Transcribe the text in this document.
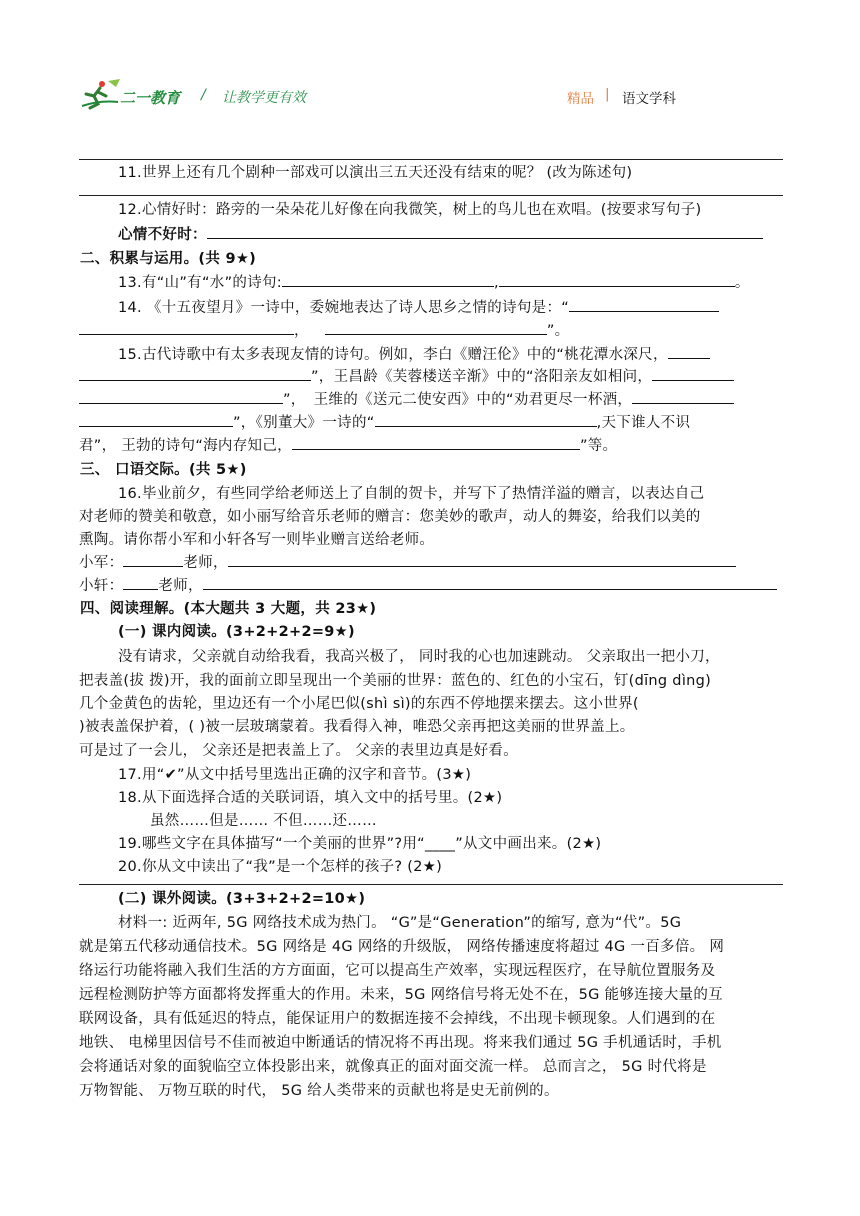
二一教育 / 让教学更有效	精品 | 语文学科
11.世界上还有几个剧种一部戏可以演出三五天还没有结束的呢？ (改为陈述句)
12.心情好时：路旁的一朵朵花儿好像在向我微笑，树上的鸟儿也在欢唱。(按要求写句子)
心情不好时：
二、积累与运用。(共 9★)
13.有“山”有“水”的诗句:	,	。
14. 《十五夜望月》一诗中，委婉地表达了诗人思乡之情的诗句是：“
，	”。
15.古代诗歌中有太多表现友情的诗句。例如，李白《赠汪伦》中的“桃花潭水深尺，
”，王昌龄《芙蓉楼送辛渐》中的“洛阳亲友如相问，
”， 王维的《送元二使安西》中的“劝君更尽一杯酒，
”，《别董大》一诗的“	,天下谁人不识
君”， 王勃的诗句“海内存知己，	”等。
三、 口语交际。(共 5★)
16.毕业前夕，有些同学给老师送上了自制的贺卡，并写下了热情洋溢的赠言，以表达自己
对老师的赞美和敬意，如小丽写给音乐老师的赠言：您美妙的歌声，动人的舞姿，给我们以美的
熏陶。请你帮小军和小轩各写一则毕业赠言送给老师。
小军：	老师，
小轩： 老师，
四、阅读理解。(本大题共 3 大题，共 23★)
(一) 课内阅读。(3+2+2+2=9★)
没有请求，父亲就自动给我看，我高兴极了， 同时我的心也加速跳动。 父亲取出一把小刀，
把表盖(拔 拨)开，我的面前立即呈现出一个美丽的世界：蓝色的、红色的小宝石，钉(dīng dìng)
几个金黄色的齿轮，里边还有一个小尾巴似(shì sì)的东西不停地摆来摆去。这小世界(
)被表盖保护着，( )被一层玻璃蒙着。我看得入神，唯恐父亲再把这美丽的世界盖上。
可是过了一会儿， 父亲还是把表盖上了。 父亲的表里边真是好看。
17.用“✔”从文中括号里选出正确的汉字和音节。(3★)
18.从下面选择合适的关联词语，填入文中的括号里。(2★)
虽然……但是…… 不但……还……
19.哪些文字在具体描写“一个美丽的世界”?用“____”从文中画出来。(2★)
20.你从文中读出了“我”是一个怎样的孩子? (2★)
(二) 课外阅读。(3+3+2+2=10★)
材料一: 近两年, 5G 网络技术成为热门。 “G”是“Generation”的缩写, 意为“代”。5G
就是第五代移动通信技术。5G 网络是 4G 网络的升级版， 网络传播速度将超过 4G 一百多倍。 网
络运行功能将融入我们生活的方方面面，它可以提高生产效率，实现远程医疗，在导航位置服务及
远程检测防护等方面都将发挥重大的作用。未来，5G 网络信号将无处不在，5G 能够连接大量的互
联网设备，具有低延迟的特点，能保证用户的数据连接不会掉线，不出现卡顿现象。人们遇到的在
地铁、 电梯里因信号不佳而被迫中断通话的情况将不再出现。将来我们通过 5G 手机通话时，手机
会将通话对象的面貌临空立体投影出来，就像真正的面对面交流一样。 总而言之， 5G 时代将是
万物智能、 万物互联的时代， 5G 给人类带来的贡献也将是史无前例的。
